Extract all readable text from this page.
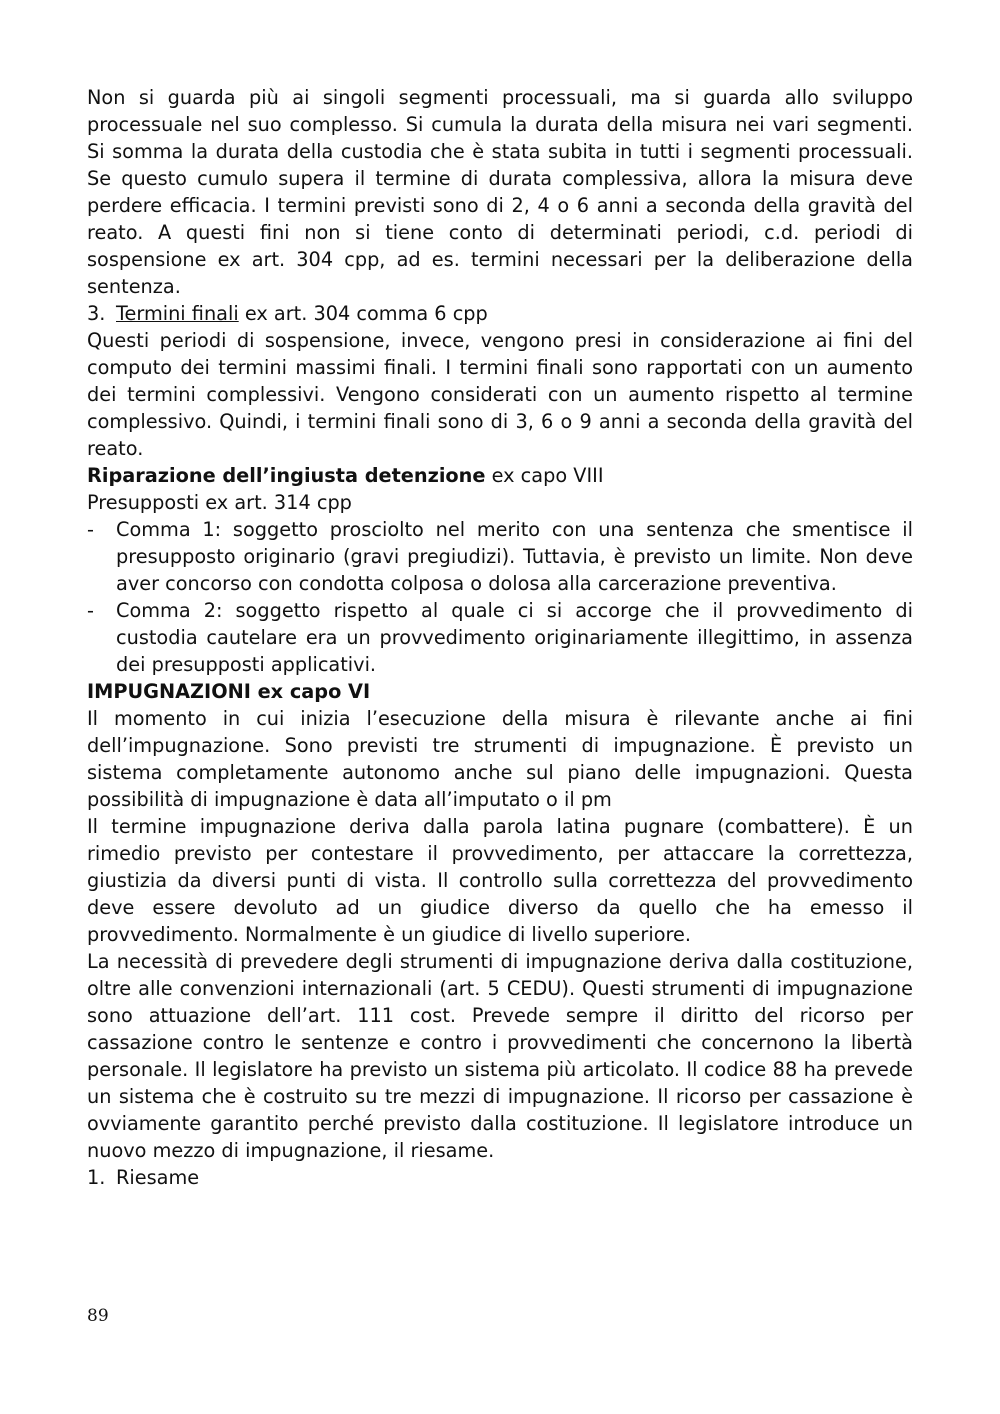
Non si guarda più ai singoli segmenti processuali, ma si guarda allo sviluppo processuale nel suo complesso. Si cumula la durata della misura nei vari segmenti. Si somma la durata della custodia che è stata subita in tutti i segmenti processuali. Se questo cumulo supera il termine di durata complessiva, allora la misura deve perdere efficacia. I termini previsti sono di 2, 4 o 6 anni a seconda della gravità del reato. A questi fini non si tiene conto di determinati periodi, c.d. periodi di sospensione ex art. 304 cpp, ad es. termini necessari per la deliberazione della sentenza.

3. Termini finali ex art. 304 comma 6 cpp

Questi periodi di sospensione, invece, vengono presi in considerazione ai fini del computo dei termini massimi finali. I termini finali sono rapportati con un aumento dei termini complessivi. Vengono considerati con un aumento rispetto al termine complessivo. Quindi, i termini finali sono di 3, 6 o 9 anni a seconda della gravità del reato.

Riparazione dell’ingiusta detenzione ex capo VIII

Presupposti ex art. 314 cpp

- Comma 1: soggetto prosciolto nel merito con una sentenza che smentisce il presupposto originario (gravi pregiudizi). Tuttavia, è previsto un limite. Non deve aver concorso con condotta colposa o dolosa alla carcerazione preventiva.
- Comma 2: soggetto rispetto al quale ci si accorge che il provvedimento di custodia cautelare era un provvedimento originariamente illegittimo, in assenza dei presupposti applicativi.

IMPUGNAZIONI ex capo VI

Il momento in cui inizia l’esecuzione della misura è rilevante anche ai fini dell’impugnazione. Sono previsti tre strumenti di impugnazione. È previsto un sistema completamente autonomo anche sul piano delle impugnazioni. Questa possibilità di impugnazione è data all’imputato o il pm

Il termine impugnazione deriva dalla parola latina pugnare (combattere). È un rimedio previsto per contestare il provvedimento, per attaccare la correttezza, giustizia da diversi punti di vista. Il controllo sulla correttezza del provvedimento deve essere devoluto ad un giudice diverso da quello che ha emesso il provvedimento. Normalmente è un giudice di livello superiore.

La necessità di prevedere degli strumenti di impugnazione deriva dalla costituzione, oltre alle convenzioni internazionali (art. 5 CEDU). Questi strumenti di impugnazione sono attuazione dell’art. 111 cost. Prevede sempre il diritto del ricorso per cassazione contro le sentenze e contro i provvedimenti che concernono la libertà personale. Il legislatore ha previsto un sistema più articolato. Il codice 88 ha prevede un sistema che è costruito su tre mezzi di impugnazione. Il ricorso per cassazione è ovviamente garantito perché previsto dalla costituzione. Il legislatore introduce un nuovo mezzo di impugnazione, il riesame.

1. Riesame

89
